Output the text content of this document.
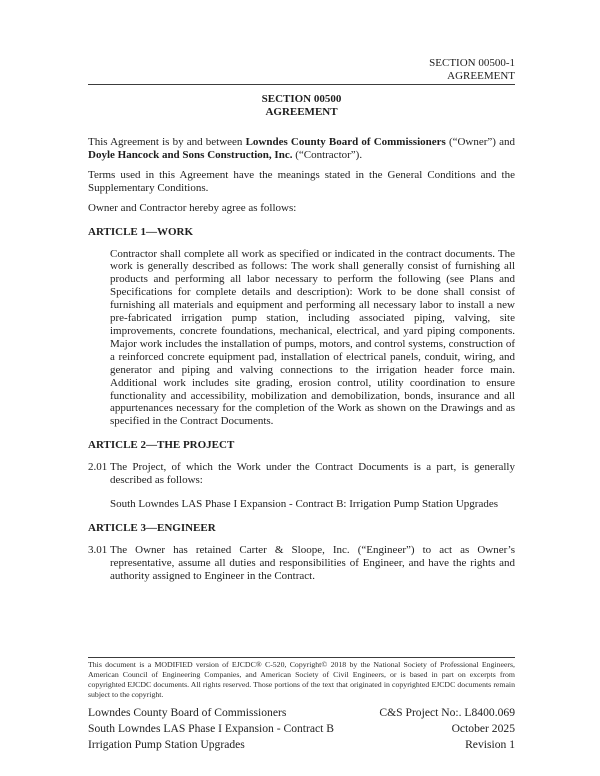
SECTION 00500-1
AGREEMENT
SECTION 00500
AGREEMENT

This Agreement is by and between Lowndes County Board of Commissioners (“Owner”) and Doyle Hancock and Sons Construction, Inc. (“Contractor”).

Terms used in this Agreement have the meanings stated in the General Conditions and the Supplementary Conditions.

Owner and Contractor hereby agree as follows:

ARTICLE 1—WORK

Contractor shall complete all work as specified or indicated in the contract documents. The work is generally described as follows: The work shall generally consist of furnishing all products and performing all labor necessary to perform the following (see Plans and Specifications for complete details and description): Work to be done shall consist of furnishing all materials and equipment and performing all necessary labor to install a new pre-fabricated irrigation pump station, including associated piping, valving, site improvements, concrete foundations, mechanical, electrical, and yard piping components. Major work includes the installation of pumps, motors, and control systems, construction of a reinforced concrete equipment pad, installation of electrical panels, conduit, wiring, and generator and piping and valving connections to the irrigation header force main. Additional work includes site grading, erosion control, utility coordination to ensure functionality and accessibility, mobilization and demobilization, bonds, insurance and all appurtenances necessary for the completion of the Work as shown on the Drawings and as specified in the Contract Documents.

ARTICLE 2—THE PROJECT
2.01 The Project, of which the Work under the Contract Documents is a part, is generally described as follows:

South Lowndes LAS Phase I Expansion - Contract B: Irrigation Pump Station Upgrades

ARTICLE 3—ENGINEER
3.01 The Owner has retained Carter & Sloope, Inc. (“Engineer”) to act as Owner’s representative, assume all duties and responsibilities of Engineer, and have the rights and authority assigned to Engineer in the Contract.

This document is a MODIFIED version of EJCDC® C-520, Copyright© 2018 by the National Society of Professional Engineers, American Council of Engineering Companies, and American Society of Civil Engineers, or is based in part on excerpts from copyrighted EJCDC documents. All rights reserved. Those portions of the text that originated in copyrighted EJCDC documents remain subject to the copyright.

Lowndes County Board of Commissioners
South Lowndes LAS Phase I Expansion - Contract B
Irrigation Pump Station Upgrades
C&S Project No:. L8400.069
October 2025
Revision 1
